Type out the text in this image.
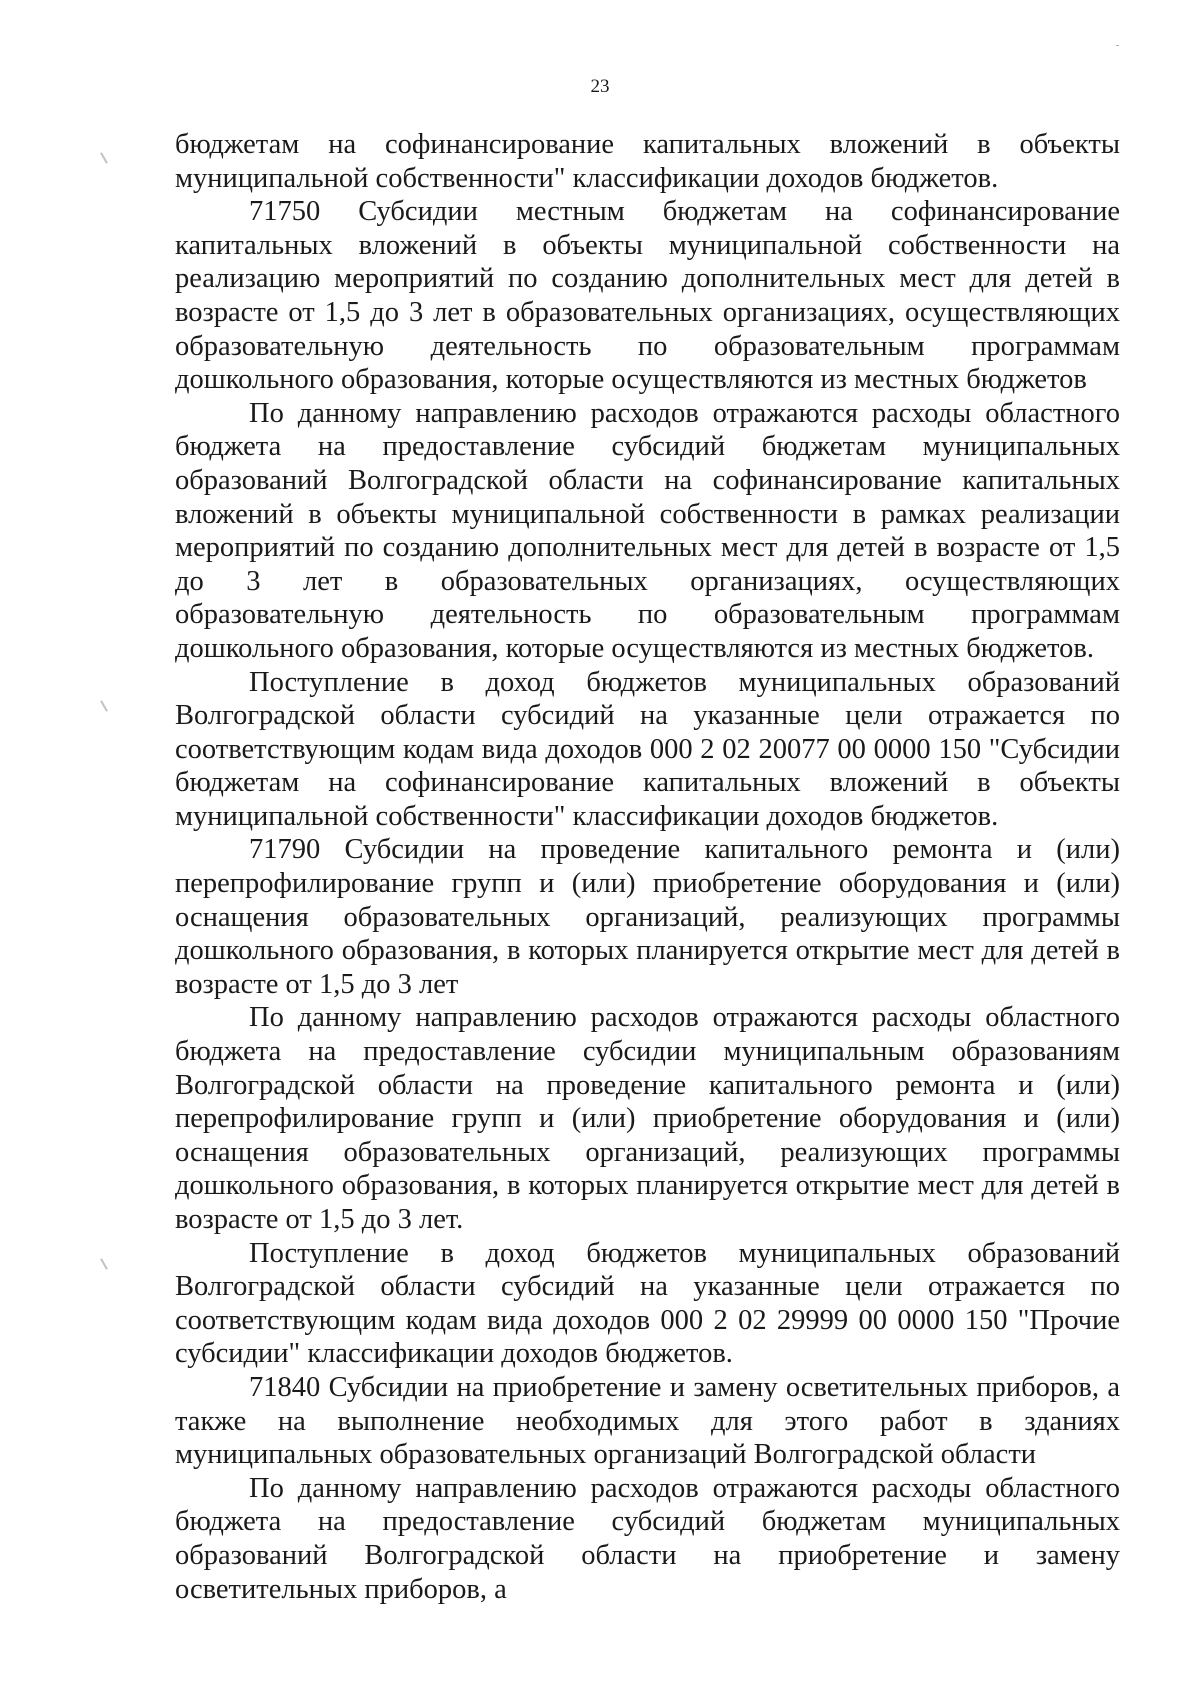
23

бюджетам на софинансирование капитальных вложений в объекты муниципальной собственности" классификации доходов бюджетов.

71750 Субсидии местным бюджетам на софинансирование капитальных вложений в объекты муниципальной собственности на реализацию мероприятий по созданию дополнительных мест для детей в возрасте от 1,5 до 3 лет в образовательных организациях, осуществляющих образовательную деятельность по образовательным программам дошкольного образования, которые осуществляются из местных бюджетов

По данному направлению расходов отражаются расходы областного бюджета на предоставление субсидий бюджетам муниципальных образований Волгоградской области на софинансирование капитальных вложений в объекты муниципальной собственности в рамках реализации мероприятий по созданию дополнительных мест для детей в возрасте от 1,5 до 3 лет в образовательных организациях, осуществляющих образовательную деятельность по образовательным программам дошкольного образования, которые осуществляются из местных бюджетов.

Поступление в доход бюджетов муниципальных образований Волгоградской области субсидий на указанные цели отражается по соответствующим кодам вида доходов 000 2 02 20077 00 0000 150 "Субсидии бюджетам на софинансирование капитальных вложений в объекты муниципальной собственности" классификации доходов бюджетов.

71790 Субсидии на проведение капитального ремонта и (или) перепрофилирование групп и (или) приобретение оборудования и (или) оснащения образовательных организаций, реализующих программы дошкольного образования, в которых планируется открытие мест для детей в возрасте от 1,5 до 3 лет

По данному направлению расходов отражаются расходы областного бюджета на предоставление субсидии муниципальным образованиям Волгоградской области на проведение капитального ремонта и (или) перепрофилирование групп и (или) приобретение оборудования и (или) оснащения образовательных организаций, реализующих программы дошкольного образования, в которых планируется открытие мест для детей в возрасте от 1,5 до 3 лет.

Поступление в доход бюджетов муниципальных образований Волгоградской области субсидий на указанные цели отражается по соответствующим кодам вида доходов 000 2 02 29999 00 0000 150 "Прочие субсидии" классификации доходов бюджетов.

71840 Субсидии на приобретение и замену осветительных приборов, а также на выполнение необходимых для этого работ в зданиях муниципальных образовательных организаций Волгоградской области

По данному направлению расходов отражаются расходы областного бюджета на предоставление субсидий бюджетам муниципальных образований Волгоградской области на приобретение и замену осветительных приборов, а
